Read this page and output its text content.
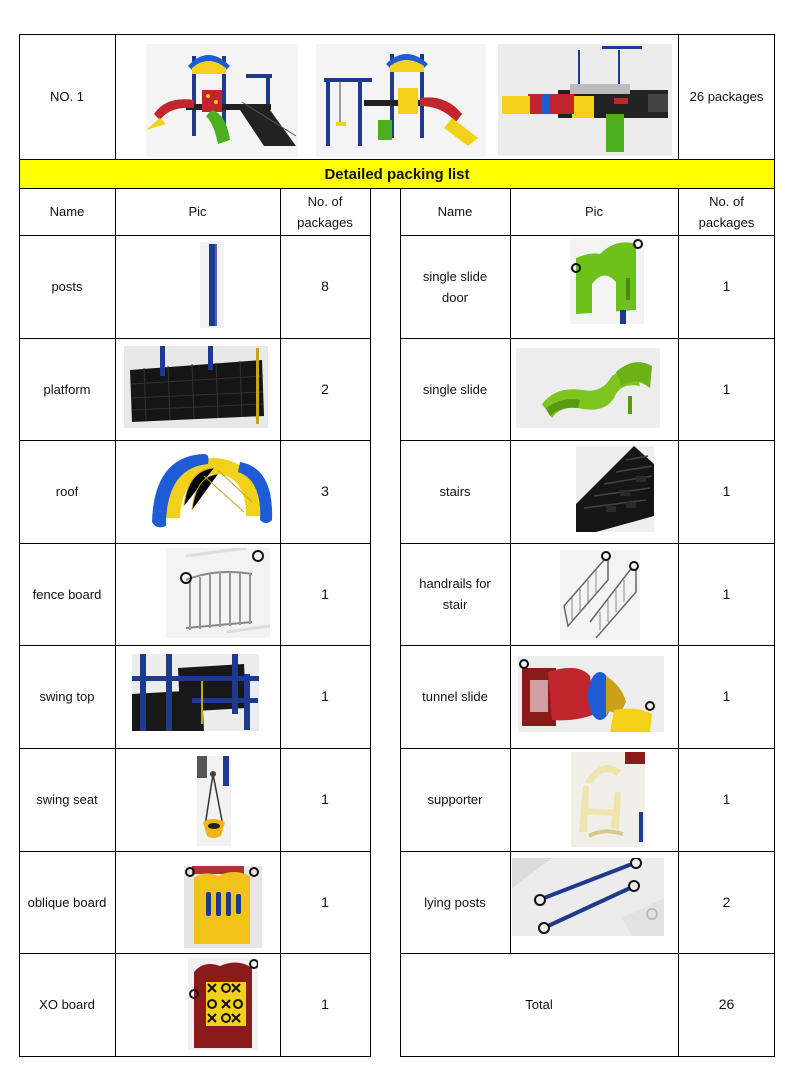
NO. 1	26 packages
Detailed packing list
Name	Pic
No. of packages
Name	Pic
No. of packages
posts	8
platform	2
roof	3
fence board	1
swing top	1
swing seat	1
oblique board	1
XO board	1
single slide door
1
single slide	1
stairs	1
handrails for stair
1
tunnel slide	1
supporter	1
lying posts	2
Total	26
